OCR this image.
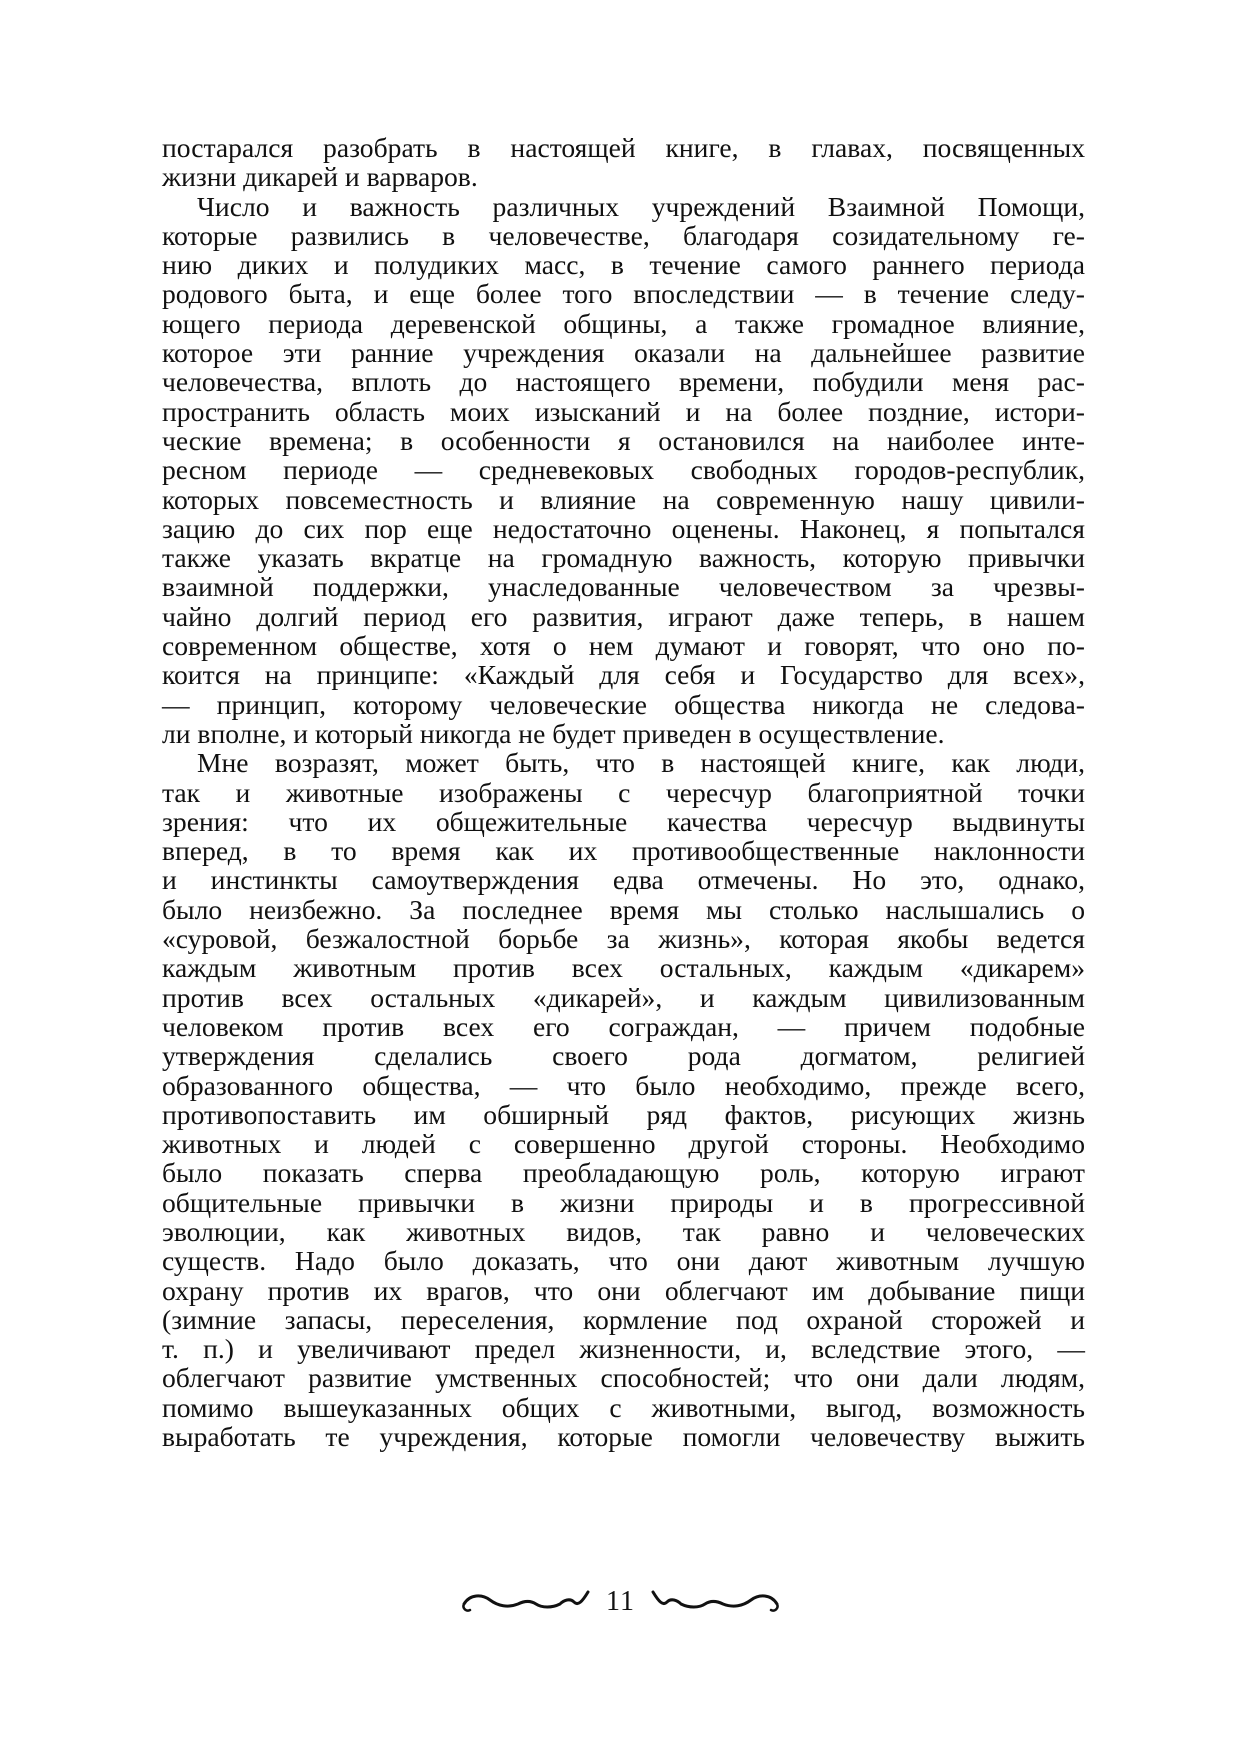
постарался разобрать в настоящей книге, в главах, посвященных
жизни дикарей и варваров.
Число и важность различных учреждений Взаимной Помощи,
которые развились в человечестве, благодаря созидательному ге-
нию диких и полудиких масс, в течение самого раннего периода
родового быта, и еще более того впоследствии — в течение следу-
ющего периода деревенской общины, а также громадное влияние,
которое эти ранние учреждения оказали на дальнейшее развитие
человечества, вплоть до настоящего времени, побудили меня рас-
пространить область моих изысканий и на более поздние, истори-
ческие времена; в особенности я остановился на наиболее инте-
ресном периоде — средневековых свободных городов-республик,
которых повсеместность и влияние на современную нашу цивили-
зацию до сих пор еще недостаточно оценены. Наконец, я попытался
также указать вкратце на громадную важность, которую привычки
взаимной поддержки, унаследованные человечеством за чрезвы-
чайно долгий период его развития, играют даже теперь, в нашем
современном обществе, хотя о нем думают и говорят, что оно по-
коится на принципе: «Каждый для себя и Государство для всех»,
— принцип, которому человеческие общества никогда не следова-
ли вполне, и который никогда не будет приведен в осуществление.
Мне возразят, может быть, что в настоящей книге, как люди,
так и животные изображены с чересчур благоприятной точки
зрения: что их общежительные качества чересчур выдвинуты
вперед, в то время как их противообщественные наклонности
и инстинкты самоутверждения едва отмечены. Но это, однако,
было неизбежно. За последнее время мы столько наслышались о
«суровой, безжалостной борьбе за жизнь», которая якобы ведется
каждым животным против всех остальных, каждым «дикарем»
против всех остальных «дикарей», и каждым цивилизованным
человеком против всех его сограждан, — причем подобные
утверждения сделались своего рода догматом, религией
образованного общества, — что было необходимо, прежде всего,
противопоставить им обширный ряд фактов, рисующих жизнь
животных и людей с совершенно другой стороны. Необходимо
было показать сперва преобладающую роль, которую играют
общительные привычки в жизни природы и в прогрессивной
эволюции, как животных видов, так равно и человеческих
существ. Надо было доказать, что они дают животным лучшую
охрану против их врагов, что они облегчают им добывание пищи
(зимние запасы, переселения, кормление под охраной сторожей и
т. п.) и увеличивают предел жизненности, и, вследствие этого, —
облегчают развитие умственных способностей; что они дали людям,
помимо вышеуказанных общих с животными, выгод, возможность
выработать те учреждения, которые помогли человечеству выжить
11
